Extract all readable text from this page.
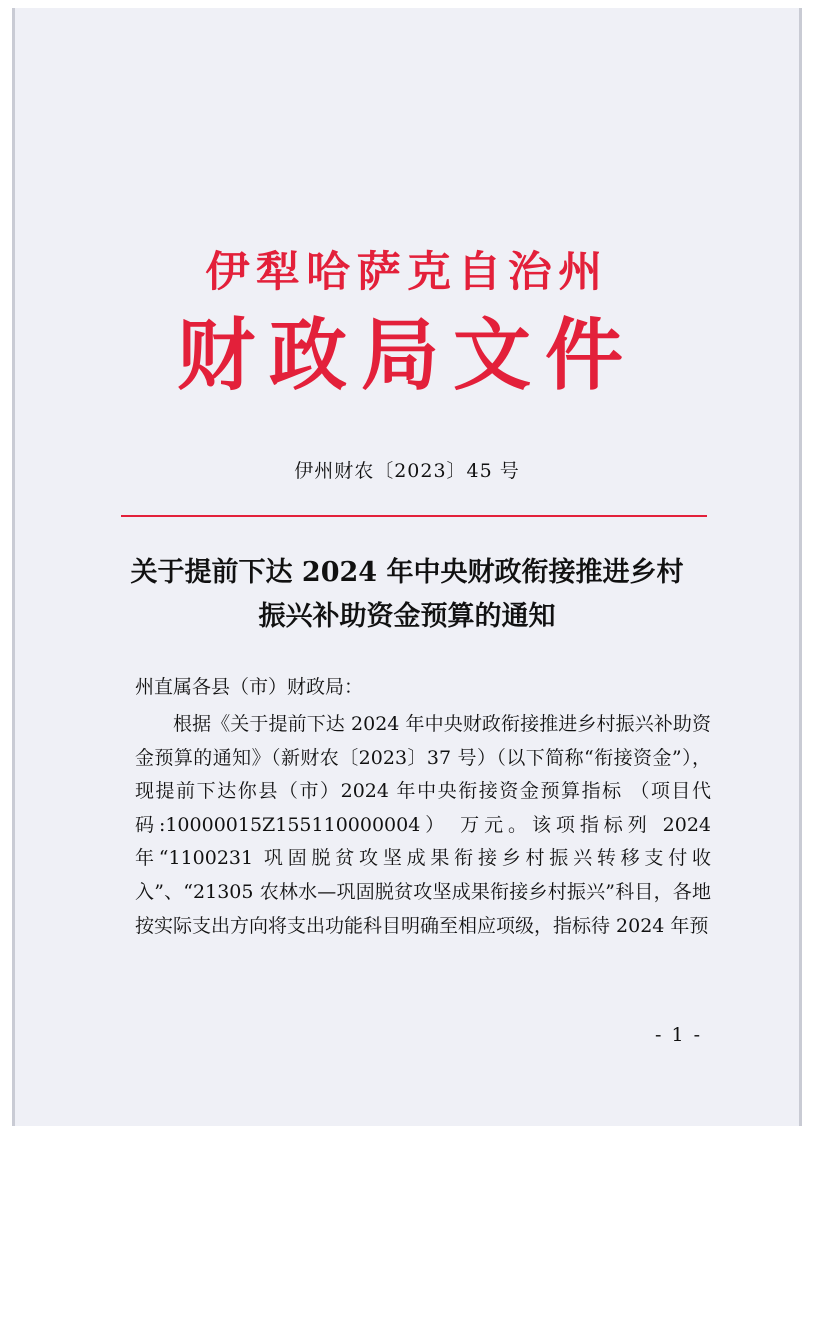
伊犁哈萨克自治州
财政局文件
伊州财农〔2023〕45 号
关于提前下达 2024 年中央财政衔接推进乡村
振兴补助资金预算的通知
州直属各县（市）财政局：

根据《关于提前下达 2024 年中央财政衔接推进乡村振兴补助资金预算的通知》（新财农〔2023〕37 号）（以下简称“衔接资金”），现提前下达你县（市）2024 年中央衔接资金预算指标 （项目代码:10000015Z155110000004） 万元。该项指标列 2024 年“1100231 巩固脱贫攻坚成果衔接乡村振兴转移支付收入”、“21305 农林水—巩固脱贫攻坚成果衔接乡村振兴”科目，各地按实际支出方向将支出功能科目明确至相应项级，指标待 2024 年预

- 1 -
